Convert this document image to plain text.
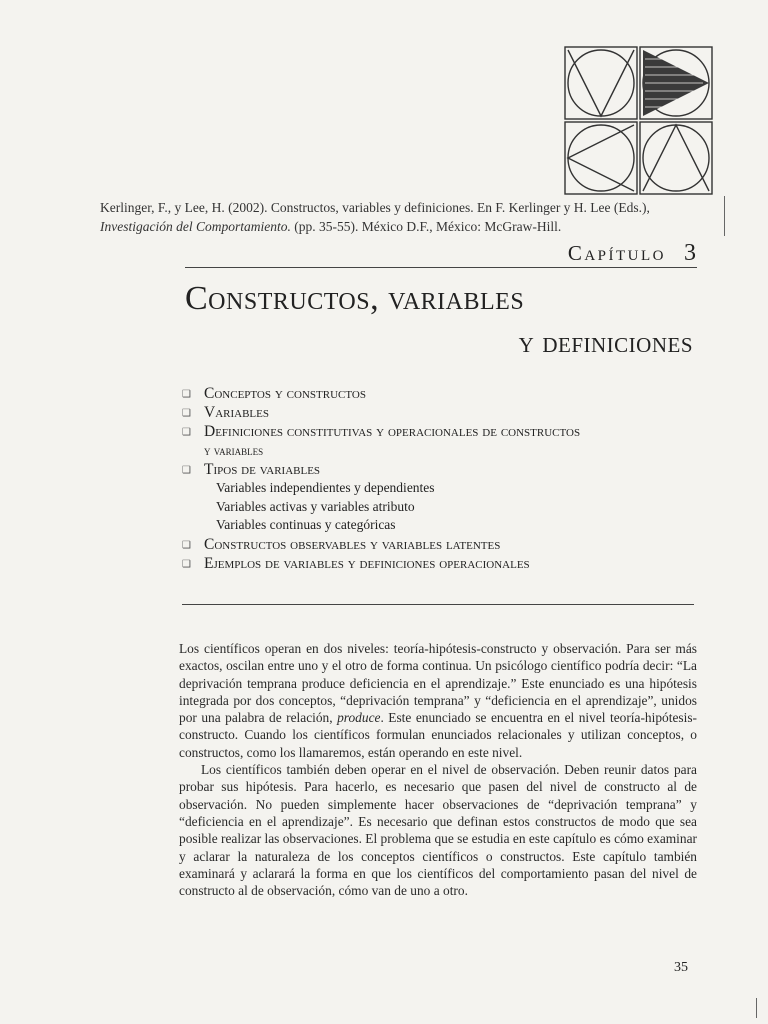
Kerlinger, F., y Lee, H. (2002). Constructos, variables y definiciones. En F. Kerlinger y H. Lee (Eds.),
Investigación del Comportamiento. (pp. 35-55). México D.F., México: McGraw-Hill.
Capítulo 3
Constructos, variables
y definiciones
❑ Conceptos y constructos
❑ Variables
❑ Definiciones constitutivas y operacionales de constructos
y variables
❑ Tipos de variables
Variables independientes y dependientes
Variables activas y variables atributo
Variables continuas y categóricas
❑ Constructos observables y variables latentes
❑ Ejemplos de variables y definiciones operacionales

Los científicos operan en dos niveles: teoría-hipótesis-constructo y observación. Para ser más exactos, oscilan entre uno y el otro de forma continua. Un psicólogo científico podría decir: “La deprivación temprana produce deficiencia en el aprendizaje.” Este enunciado es una hipótesis integrada por dos conceptos, “deprivación temprana” y “deficiencia en el aprendizaje”, unidos por una palabra de relación, produce. Este enunciado se encuentra en el nivel teoría-hipótesis-constructo. Cuando los científicos formulan enunciados relacionales y utilizan conceptos, o constructos, como los llamaremos, están operando en este nivel.

Los científicos también deben operar en el nivel de observación. Deben reunir datos para probar sus hipótesis. Para hacerlo, es necesario que pasen del nivel de constructo al de observación. No pueden simplemente hacer observaciones de “deprivación temprana” y “deficiencia en el aprendizaje”. Es necesario que definan estos constructos de modo que sea posible realizar las observaciones. El problema que se estudia en este capítulo es cómo examinar y aclarar la naturaleza de los conceptos científicos o constructos. Este capítulo también examinará y aclarará la forma en que los científicos del comportamiento pasan del nivel de constructo al de observación, cómo van de uno a otro.

35
